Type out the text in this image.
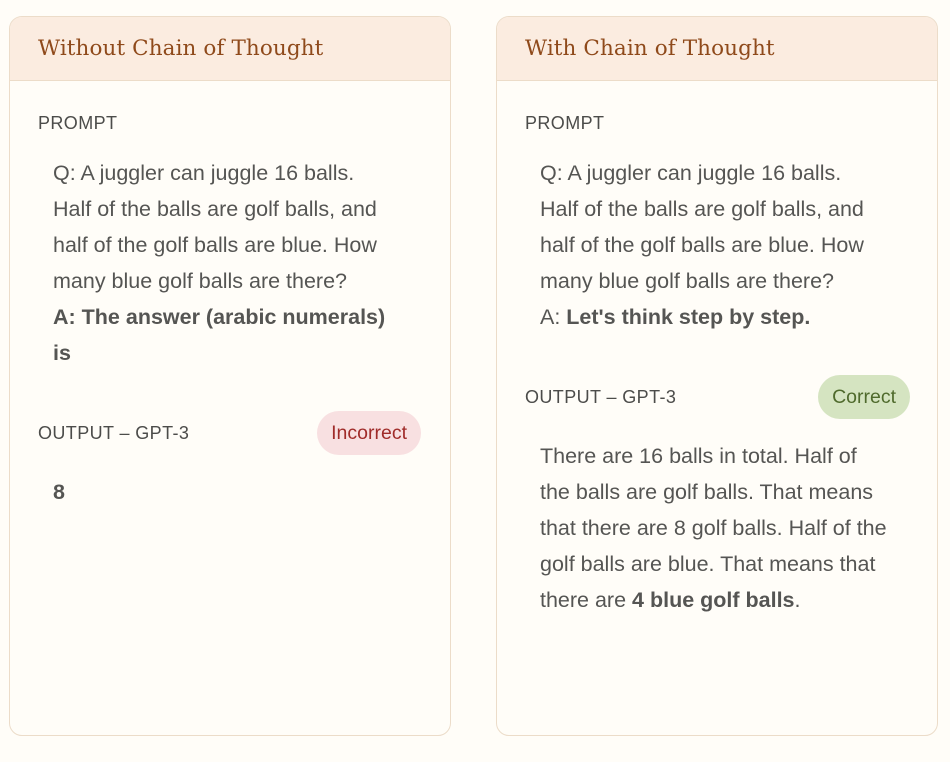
Without Chain of Thought
PROMPT
Q: A juggler can juggle 16 balls. Half of the balls are golf balls, and half of the golf balls are blue. How many blue golf balls are there?
A: The answer (arabic numerals) is
OUTPUT – GPT-3	Incorrect
8
With Chain of Thought
PROMPT
Q: A juggler can juggle 16 balls. Half of the balls are golf balls, and half of the golf balls are blue. How many blue golf balls are there?
A: Let's think step by step.
OUTPUT – GPT-3	Correct
There are 16 balls in total. Half of the balls are golf balls. That means that there are 8 golf balls. Half of the golf balls are blue. That means that there are 4 blue golf balls.
